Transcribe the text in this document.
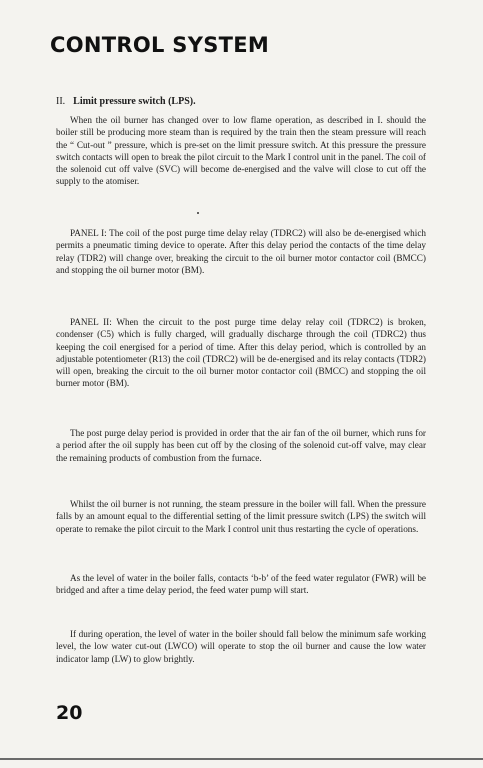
CONTROL SYSTEM
II. Limit pressure switch (LPS).

When the oil burner has changed over to low flame operation, as described in I. should the boiler still be producing more steam than is required by the train then the steam pressure will reach the “ Cut-out ” pressure, which is pre-set on the limit pressure switch. At this pressure the pressure switch contacts will open to break the pilot circuit to the Mark I control unit in the panel. The coil of the solenoid cut off valve (SVC) will become de-energised and the valve will close to cut off the supply to the atomiser.

PANEL I: The coil of the post purge time delay relay (TDRC2) will also be de-energised which permits a pneumatic timing device to operate. After this delay period the contacts of the time delay relay (TDR2) will change over, breaking the circuit to the oil burner motor contactor coil (BMCC) and stopping the oil burner motor (BM).

PANEL II: When the circuit to the post purge time delay relay coil (TDRC2) is broken, condenser (C5) which is fully charged, will gradually discharge through the coil (TDRC2) thus keeping the coil energised for a period of time. After this delay period, which is controlled by an adjustable potentiometer (R13) the coil (TDRC2) will be de-energised and its relay contacts (TDR2) will open, breaking the circuit to the oil burner motor contactor coil (BMCC) and stopping the oil burner motor (BM).

The post purge delay period is provided in order that the air fan of the oil burner, which runs for a period after the oil supply has been cut off by the closing of the solenoid cut-off valve, may clear the remaining products of combustion from the furnace.

Whilst the oil burner is not running, the steam pressure in the boiler will fall. When the pressure falls by an amount equal to the differential setting of the limit pressure switch (LPS) the switch will operate to remake the pilot circuit to the Mark I control unit thus restarting the cycle of operations.

As the level of water in the boiler falls, contacts ‘b-b’ of the feed water regulator (FWR) will be bridged and after a time delay period, the feed water pump will start.

If during operation, the level of water in the boiler should fall below the minimum safe working level, the low water cut-out (LWCO) will operate to stop the oil burner and cause the low water indicator lamp (LW) to glow brightly.

20
